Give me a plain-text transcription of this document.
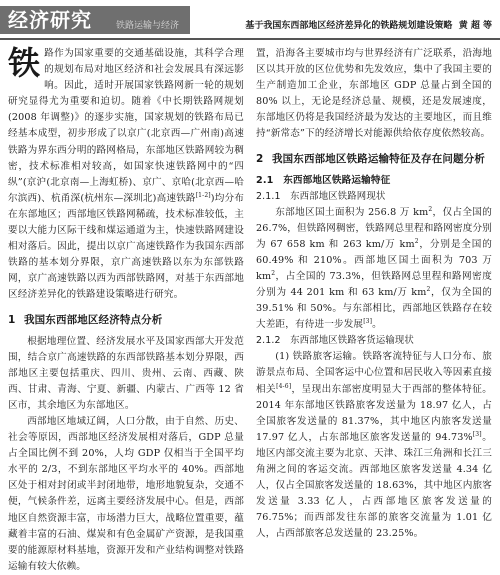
经济研究	铁路运输与经济	基于我国东西部地区经济差异化的铁路规划建设策略 黄 超 等

铁路作为国家重要的交通基础设施，其科学合理的规划布局对地区经济和社会发展具有深远影响。因此，适时开展国家铁路网新一轮的规划研究显得尤为重要和迫切。随着《中长期铁路网规划(2008 年调整)》的逐步实施，国家规划的铁路布局已经基本成型，初步形成了以京广(北京西—广州南)高速铁路为界东西分明的路网格局，东部地区铁路网较为稠密，技术标准相对较高，如国家快速铁路网中的“四纵”(京沪(北京南—上海虹桥)、京广、京哈(北京西—哈尔滨西)、杭甬深(杭州东—深圳北)高速铁路[1-2])均分布在东部地区；西部地区铁路网稀疏，技术标准较低，主要以大能力区际干线和煤运通道为主，快速铁路网建设相对落后。因此，提出以京广高速铁路作为我国东西部铁路的基本划分界限，京广高速铁路以东为东部铁路网，京广高速铁路以西为西部铁路网，对基于东西部地区经济差异化的铁路建设策略进行研究。

1 我国东西部地区经济特点分析

根据地理位置、经济发展水平及国家西部大开发范围，结合京广高速铁路的东西部铁路基本划分界限，西部地区主要包括重庆、四川、贵州、云南、西藏、陕西、甘肃、青海、宁夏、新疆、内蒙古、广西等 12 省区市，其余地区为东部地区。

西部地区地域辽阔，人口分散，由于自然、历史、社会等原因，西部地区经济发展相对落后，GDP 总量占全国比例不到 20%，人均 GDP 仅相当于全国平均水平的 2/3，不到东部地区平均水平的 40%。西部地区处于相对封闭或半封闭地带，地形地貌复杂，交通不便，气候条件差，远离主要经济发展中心。但是，西部地区自然资源丰富，市场潜力巨大，战略位置重要，蕴藏着丰富的石油、煤炭和有色金属矿产资源，是我国重要的能源原材料基地，资源开发和产业结构调整对铁路运输有较大依赖。

置，沿海各主要城市均与世界经济有广泛联系，沿海地区以其开放的区位优势和先发效应，集中了我国主要的生产制造加工企业，东部地区 GDP 总量占到全国的 80% 以上，无论是经济总量、规模，还是发展速度，东部地区仍将是我国经济最为发达的主要地区，而且维持“新常态”下的经济增长对能源供给依存度依然较高。

2 我国东西部地区铁路运输特征及存在问题分析
2.1　东西部地区铁路运输特征
2.1.1　东西部地区铁路网现状

东部地区国土面积为 256.8 万 $km^2$，仅占全国的 26.7%，但铁路网稠密，铁路网总里程和路网密度分别为 67 658 km 和 263 km/万 $km^2$，分别是全国的 60.49% 和 210%。西部地区国土面积为 703 万 $km^2$，占全国的 73.3%，但铁路网总里程和路网密度分别为 44 201 km 和 63 km/万 $km^2$，仅为全国的 39.51% 和 50%。与东部相比，西部地区铁路存在较大差距，有待进一步发展[3]。

2.1.2　东西部地区铁路客货运输现状

(1) 铁路旅客运输。铁路客流特征与人口分布、旅游景点布局、全国客运中心位置和居民收入等因素直接相关[4-6]，呈现出东部密度明显大于西部的整体特征。2014 年东部地区铁路旅客发送量为 18.97 亿人，占全国旅客发送量的 81.37%，其中地区内旅客发送量 17.97 亿人，占东部地区旅客发送量的 94.73%[3]。地区内部交流主要为北京、天津、珠江三角洲和长江三角洲之间的客运交流。西部地区旅客发送量 4.34 亿人，仅占全国旅客发送量的 18.63%，其中地区内旅客发送量 3.33 亿人，占西部地区旅客发送量的 76.75%；而西部发往东部的旅客交流量为 1.01 亿人，占西部旅客总发送量的 23.25%。
